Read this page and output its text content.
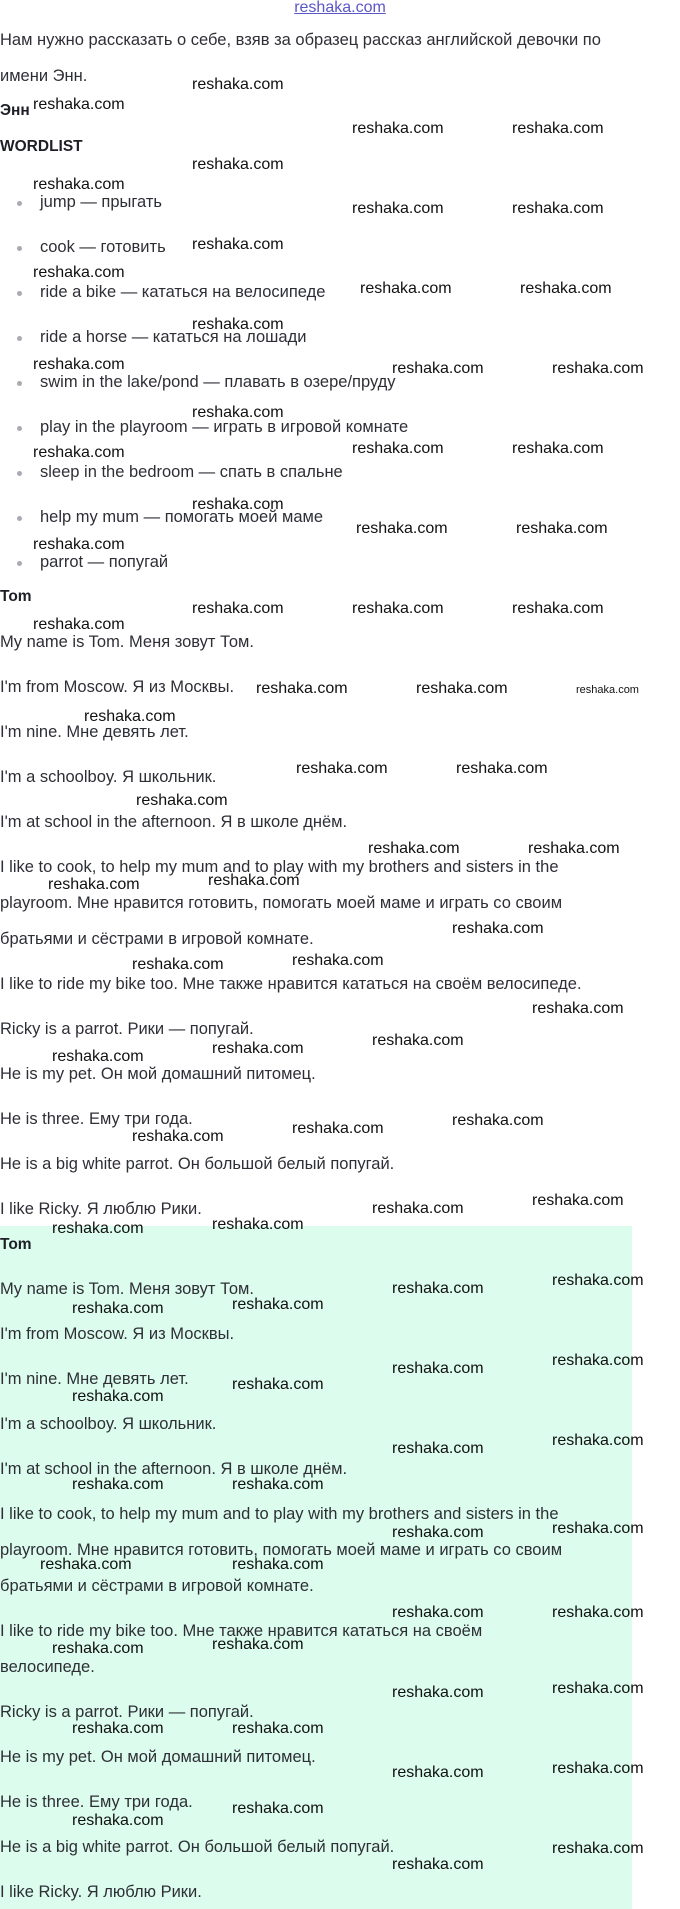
reshaka.com
Нам нужно рассказать о себе, взяв за образец рассказ английской девочки по
имени Энн.
Энн
WORDLIST
jump — прыгать
cook — готовить
ride a bike — кататься на велосипеде
ride a horse — кататься на лошади
swim in the lake/pond — плавать в озере/пруду
play in the playroom — играть в игровой комнате
sleep in the bedroom — спать в спальне
help my mum — помогать моей маме
parrot — попугай
Tom
My name is Tom. Меня зовут Том.
I'm from Moscow. Я из Москвы.
I'm nine. Мне девять лет.
I'm a schoolboy. Я школьник.
I'm at school in the afternoon. Я в школе днём.
I like to cook, to help my mum and to play with my brothers and sisters in the
playroom. Мне нравится готовить, помогать моей маме и играть со своим
братьями и сёстрами в игровой комнате.
I like to ride my bike too. Мне также нравится кататься на своём велосипеде.
Ricky is a parrot. Рики — попугай.
He is my pet. Он мой домашний питомец.
He is three. Ему три года.
He is a big white parrot. Он большой белый попугай.
I like Ricky. Я люблю Рики.
Tom
My name is Tom. Меня зовут Том.
I'm from Moscow. Я из Москвы.
I'm nine. Мне девять лет.
I'm a schoolboy. Я школьник.
I'm at school in the afternoon. Я в школе днём.
I like to cook, to help my mum and to play with my brothers and sisters in the
playroom. Мне нравится готовить, помогать моей маме и играть со своим
братьями и сёстрами в игровой комнате.
I like to ride my bike too. Мне также нравится кататься на своём
велосипеде.
Ricky is a parrot. Рики — попугай.
He is my pet. Он мой домашний питомец.
He is three. Ему три года.
He is a big white parrot. Он большой белый попугай.
I like Ricky. Я люблю Рики.
reshaka.com
reshaka.com
reshaka.com	reshaka.com
reshaka.com
reshaka.com
reshaka.com	reshaka.com
reshaka.com
reshaka.com
reshaka.com	reshaka.com
reshaka.com
reshaka.com	reshaka.com	reshaka.com
reshaka.com
reshaka.com	reshaka.com	reshaka.com
reshaka.com
reshaka.com
reshaka.com	reshaka.com
reshaka.com	reshaka.com	reshaka.com
reshaka.com
reshaka.com	reshaka.com	reshaka.com
reshaka.com
reshaka.com	reshaka.com
reshaka.com
reshaka.com	reshaka.com
reshaka.com
reshaka.com
reshaka.com
reshaka.com
reshaka.com
reshaka.com
reshaka.com
reshaka.com
reshaka.com
reshaka.com	reshaka.com
reshaka.com
reshaka.com
reshaka.com
reshaka.com
reshaka.com
reshaka.com
reshaka.com
reshaka.com
reshaka.com
reshaka.com
reshaka.com
reshaka.com
reshaka.com
reshaka.com
reshaka.com
reshaka.com
reshaka.com
reshaka.com
reshaka.com
reshaka.com
reshaka.com
reshaka.com	reshaka.com
reshaka.com
reshaka.com
reshaka.com	reshaka.com
reshaka.com
reshaka.com
reshaka.com	reshaka.com
reshaka.com
reshaka.com
reshaka.com
reshaka.com
